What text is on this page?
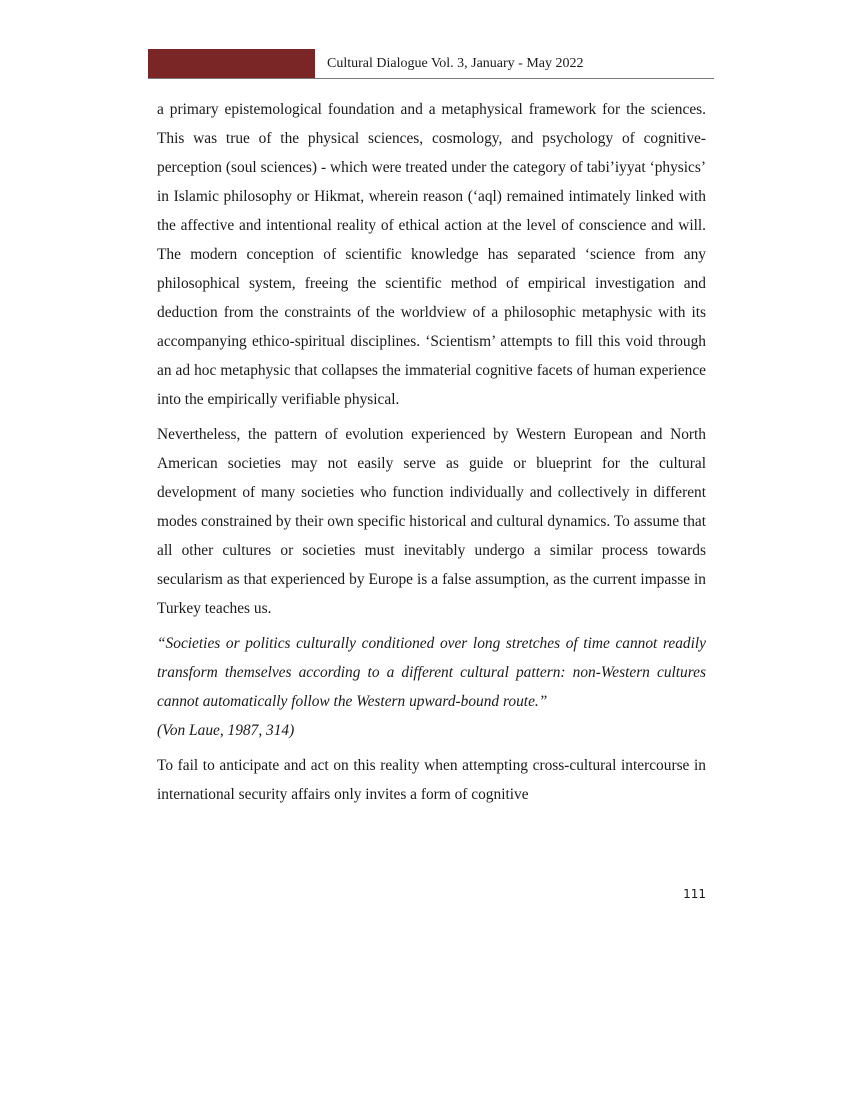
Cultural Dialogue Vol. 3, January - May 2022

a primary epistemological foundation and a metaphysical framework for the sciences. This was true of the physical sciences, cosmology, and psychology of cognitive-perception (soul sciences) - which were treated under the category of tabi’iyyat ‘physics’ in Islamic philosophy or Hikmat, wherein reason (‘aql) remained intimately linked with the affective and intentional reality of ethical action at the level of conscience and will. The modern conception of scientific knowledge has separated ‘science from any philosophical system, freeing the scientific method of empirical investigation and deduction from the constraints of the worldview of a philosophic metaphysic with its accompanying ethico-spiritual disciplines. ‘Scientism’ attempts to fill this void through an ad hoc metaphysic that collapses the immaterial cognitive facets of human experience into the empirically verifiable physical.

Nevertheless, the pattern of evolution experienced by Western European and North American societies may not easily serve as guide or blueprint for the cultural development of many societies who function individually and collectively in different modes constrained by their own specific historical and cultural dynamics. To assume that all other cultures or societies must inevitably undergo a similar process towards secularism as that experienced by Europe is a false assumption, as the current impasse in Turkey teaches us.

“Societies or politics culturally conditioned over long stretches of time cannot readily transform themselves according to a different cultural pattern: non-Western cultures cannot automatically follow the Western upward-bound route.”
(Von Laue, 1987, 314)

To fail to anticipate and act on this reality when attempting cross-cultural intercourse in international security affairs only invites a form of cognitive

111
